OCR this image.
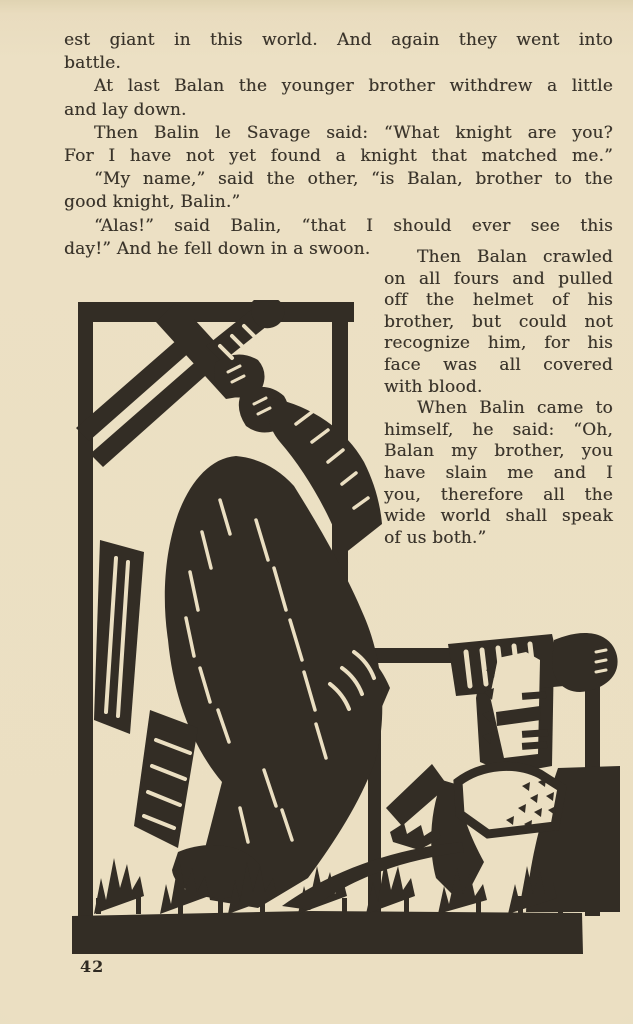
est giant in this world. And again they went into
battle.
At last Balan the younger brother withdrew a little
and lay down.
Then Balin le Savage said: “What knight are you?
For I have not yet found a knight that matched me.”
“My name,” said the other, “is Balan, brother to the
good knight, Balin.”
“Alas!” said Balin, “that I should ever see this
day!” And he fell down in a swoon.	Then Balan crawled
on all fours and pulled
off the helmet of his
brother, but could not
recognize him, for his
face was all covered
with blood.
When Balin came to
himself, he said: “Oh,
Balan my brother, you
have slain me and I
you, therefore all the
wide world shall speak
of us both.”
42
